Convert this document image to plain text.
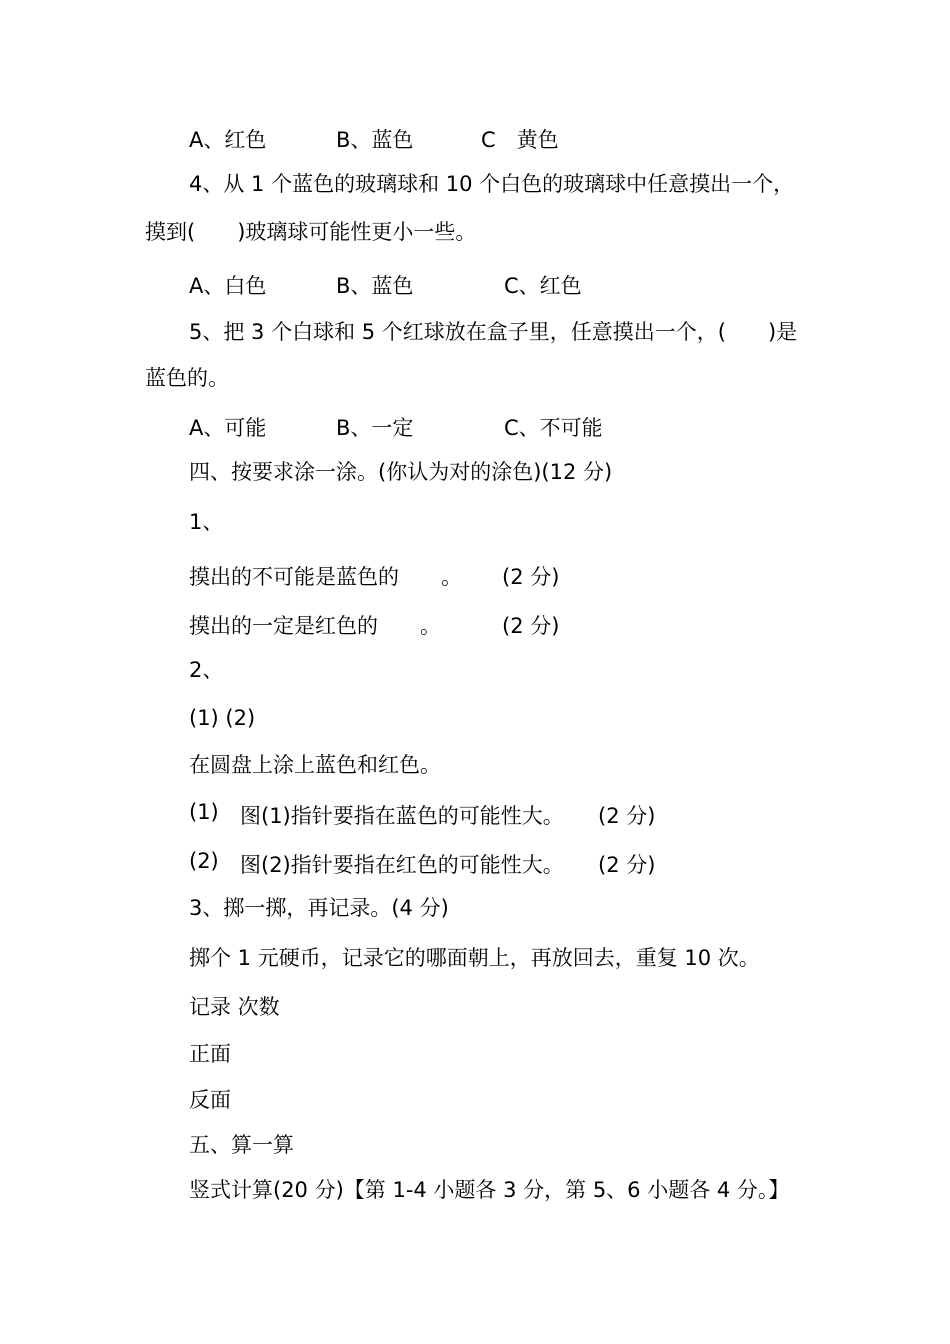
A、红色	B、蓝色	C　黄色
4、从 1 个蓝色的玻璃球和 10 个白色的玻璃球中任意摸出一个，
摸到(　　)玻璃球可能性更小一些。
A、白色	B、蓝色	C、红色
5、把 3 个白球和 5 个红球放在盒子里，任意摸出一个，(　　)是
蓝色的。
A、可能	B、一定	C、不可能
四、按要求涂一涂。(你认为对的涂色)(12 分)
1、
摸出的不可能是蓝色的　　。 (2 分)
摸出的一定是红色的　　。	(2 分)
2、
(1) (2)
在圆盘上涂上蓝色和红色。
(1) 图(1)指针要指在蓝色的可能性大。 (2 分)
(2) 图(2)指针要指在红色的可能性大。 (2 分)
3、掷一掷，再记录。(4 分)
掷个 1 元硬币，记录它的哪面朝上，再放回去，重复 10 次。
记录 次数
正面
反面
五、算一算
竖式计算(20 分)【第 1-4 小题各 3 分，第 5、6 小题各 4 分。】
